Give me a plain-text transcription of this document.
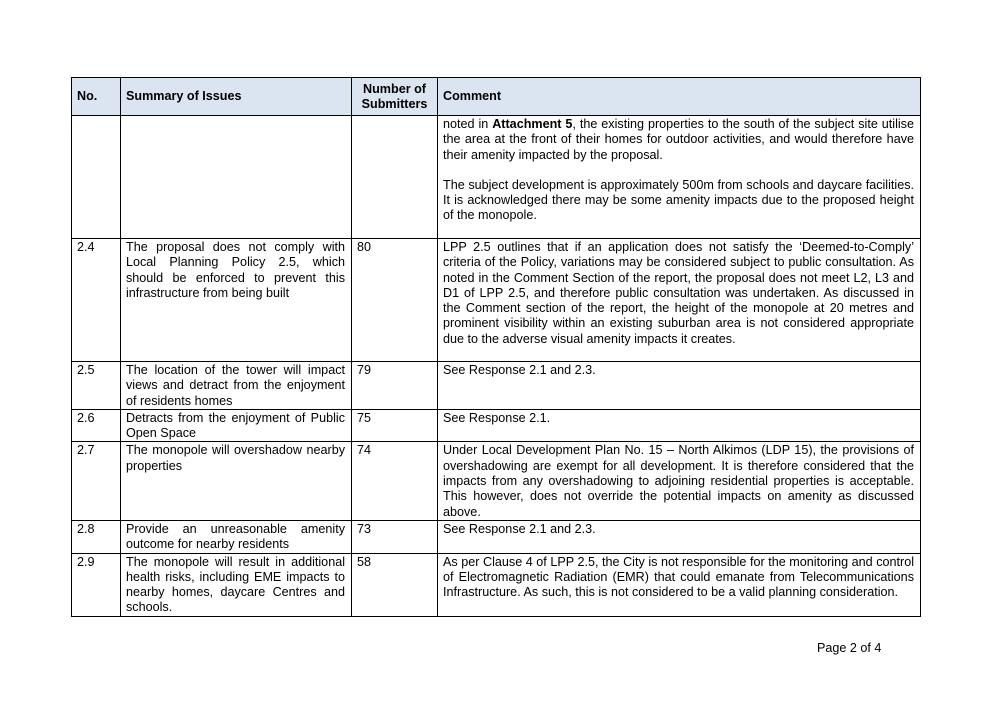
No.	Summary of Issues	Number of Submitters	Comment

			noted in Attachment 5, the existing properties to the south of the subject site utilise the area at the front of their homes for outdoor activities, and would therefore have their amenity impacted by the proposal.
The subject development is approximately 500m from schools and daycare facilities. It is acknowledged there may be some amenity impacts due to the proposed height of the monopole.

2.4	The proposal does not comply with Local Planning Policy 2.5, which should be enforced to prevent this infrastructure from being built	80	LPP 2.5 outlines that if an application does not satisfy the ‘Deemed-to-Comply’ criteria of the Policy, variations may be considered subject to public consultation. As noted in the Comment Section of the report, the proposal does not meet L2, L3 and D1 of LPP 2.5, and therefore public consultation was undertaken. As discussed in the Comment section of the report, the height of the monopole at 20 metres and prominent visibility within an existing suburban area is not considered appropriate due to the adverse visual amenity impacts it creates.
2.5	The location of the tower will impact views and detract from the enjoyment of residents homes	79	See Response 2.1 and 2.3.
2.6	Detracts from the enjoyment of Public Open Space	75	See Response 2.1.
2.7	The monopole will overshadow nearby properties	74	Under Local Development Plan No. 15 – North Alkimos (LDP 15), the provisions of overshadowing are exempt for all development. It is therefore considered that the impacts from any overshadowing to adjoining residential properties is acceptable. This however, does not override the potential impacts on amenity as discussed above.
2.8	Provide an unreasonable amenity outcome for nearby residents	73	See Response 2.1 and 2.3.
2.9	The monopole will result in additional health risks, including EME impacts to nearby homes, daycare Centres and schools.	58	As per Clause 4 of LPP 2.5, the City is not responsible for the monitoring and control of Electromagnetic Radiation (EMR) that could emanate from Telecommunications Infrastructure. As such, this is not considered to be a valid planning consideration.
Page 2 of 4
